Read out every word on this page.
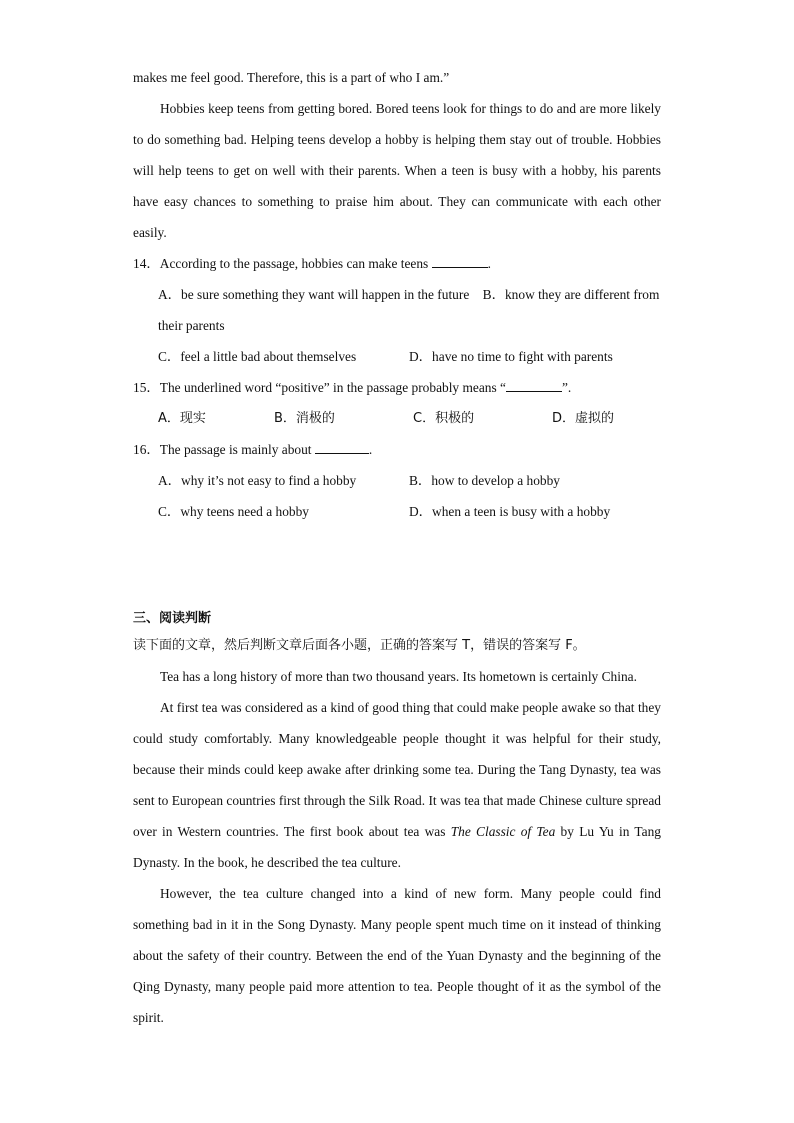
makes me feel good. Therefore, this is a part of who I am.”

Hobbies keep teens from getting bored. Bored teens look for things to do and are more likely to do something bad. Helping teens develop a hobby is helping them stay out of trouble. Hobbies will help teens to get on well with their parents. When a teen is busy with a hobby, his parents have easy chances to something to praise him about. They can communicate with each other easily.

14．According to the passage, hobbies can make teens	.

A．be sure something they want will happen in the future B．know they are different from their parents
C．feel a little bad about themselves	D．have no time to fight with parents

15．The underlined word “positive” in the passage probably means “	”.

A．现实	B．消极的	C．积极的	D．虚拟的

16．The passage is mainly about	.

A．why it’s not easy to find a hobby	B．how to develop a hobby
C．why teens need a hobby	D．when a teen is busy with a hobby
三、阅读判断
读下面的文章，然后判断文章后面各小题，正确的答案写 T，错误的答案写 F。

Tea has a long history of more than two thousand years. Its hometown is certainly China.

At first tea was considered as a kind of good thing that could make people awake so that they could study comfortably. Many knowledgeable people thought it was helpful for their study, because their minds could keep awake after drinking some tea. During the Tang Dynasty, tea was sent to European countries first through the Silk Road. It was tea that made Chinese culture spread over in Western countries. The first book about tea was The Classic of Tea by Lu Yu in Tang Dynasty. In the book, he described the tea culture.

However, the tea culture changed into a kind of new form. Many people could find something bad in it in the Song Dynasty. Many people spent much time on it instead of thinking about the safety of their country. Between the end of the Yuan Dynasty and the beginning of the Qing Dynasty, many people paid more attention to tea. People thought of it as the symbol of the spirit.
